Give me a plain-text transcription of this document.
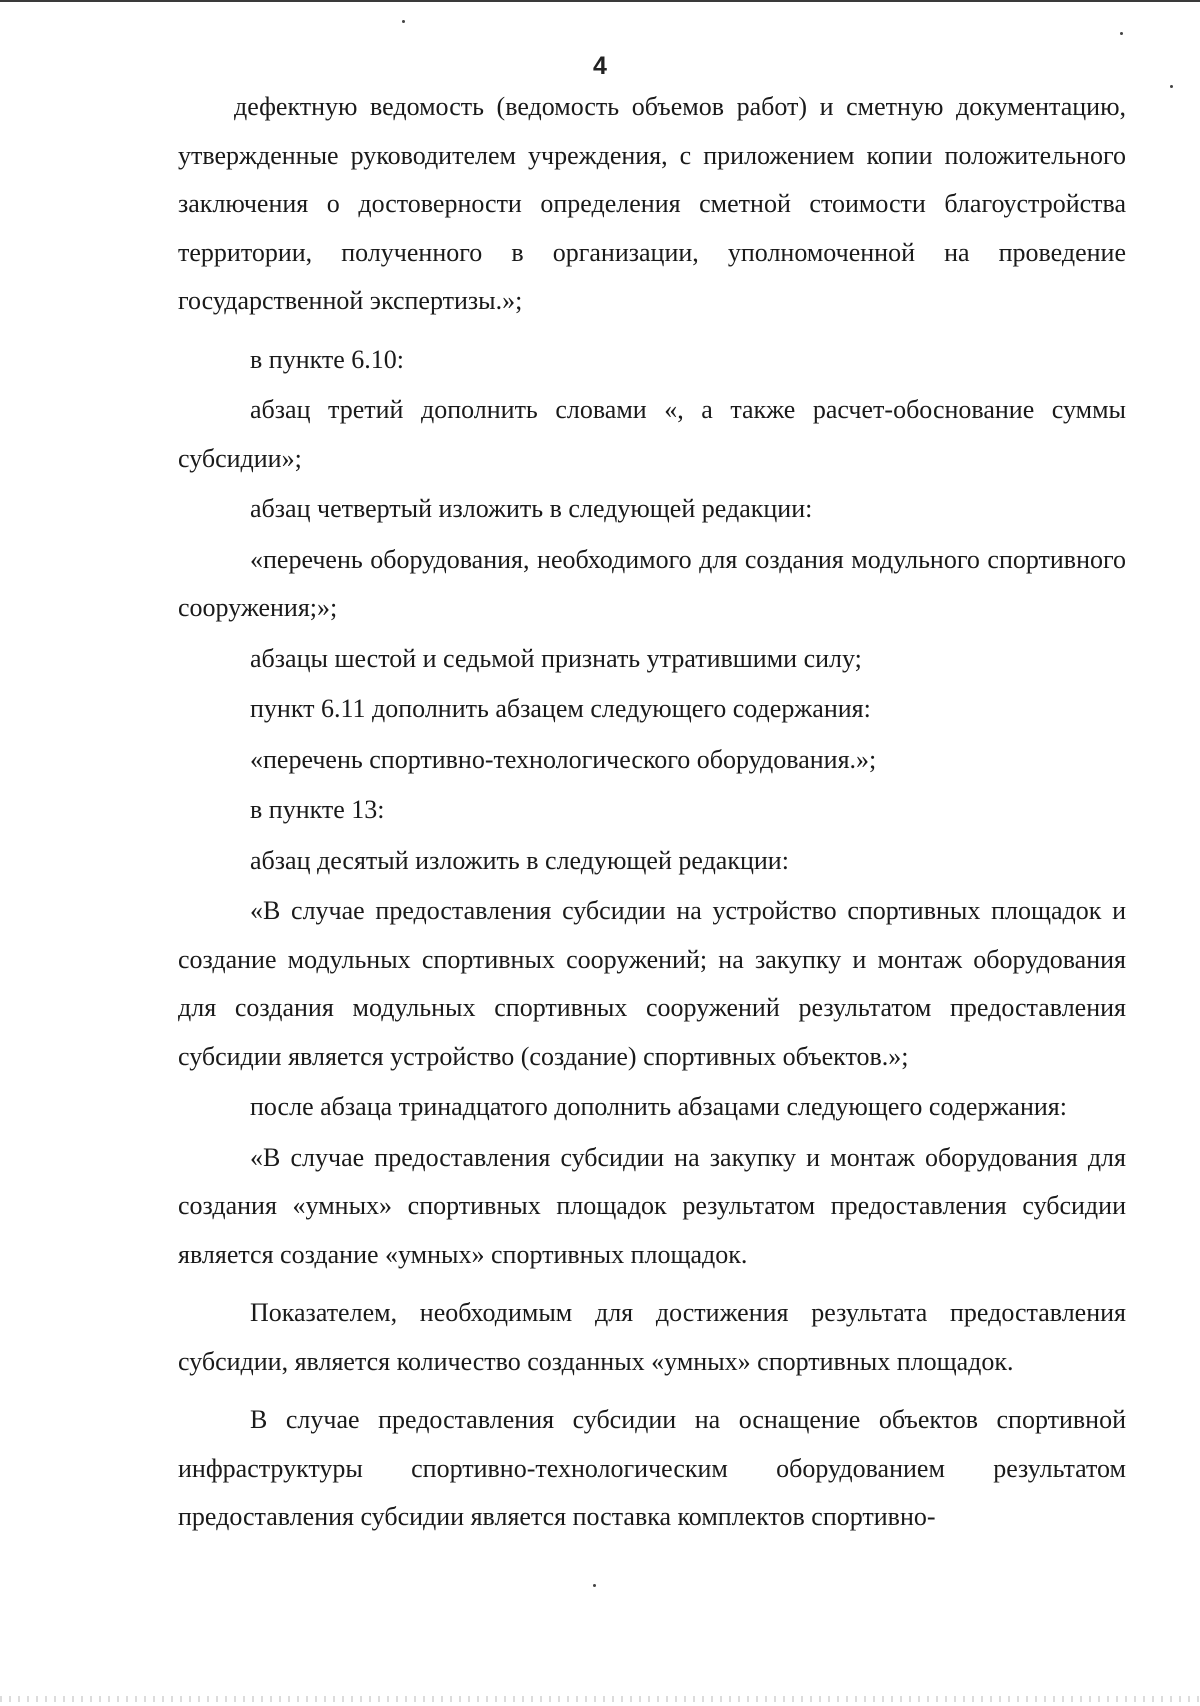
4

дефектную ведомость (ведомость объемов работ) и сметную документацию, утвержденные руководителем учреждения, с приложением копии положительного заключения о достоверности определения сметной стоимости благоустройства территории, полученного в организации, уполномоченной на проведение государственной экспертизы.»;

в пункте 6.10:

абзац третий дополнить словами «, а также расчет-обоснование суммы субсидии»;

абзац четвертый изложить в следующей редакции:

«перечень оборудования, необходимого для создания модульного спортивного сооружения;»;

абзацы шестой и седьмой признать утратившими силу;

пункт 6.11 дополнить абзацем следующего содержания:

«перечень спортивно-технологического оборудования.»;

в пункте 13:

абзац десятый изложить в следующей редакции:

«В случае предоставления субсидии на устройство спортивных площадок и создание модульных спортивных сооружений; на закупку и монтаж оборудования для создания модульных спортивных сооружений результатом предоставления субсидии является устройство (создание) спортивных объектов.»;

после абзаца тринадцатого дополнить абзацами следующего содержания:

«В случае предоставления субсидии на закупку и монтаж оборудования для создания «умных» спортивных площадок результатом предоставления субсидии является создание «умных» спортивных площадок.

Показателем, необходимым для достижения результата предоставления субсидии, является количество созданных «умных» спортивных площадок.

В случае предоставления субсидии на оснащение объектов спортивной инфраструктуры спортивно-технологическим оборудованием результатом предоставления субсидии является поставка комплектов спортивно-
